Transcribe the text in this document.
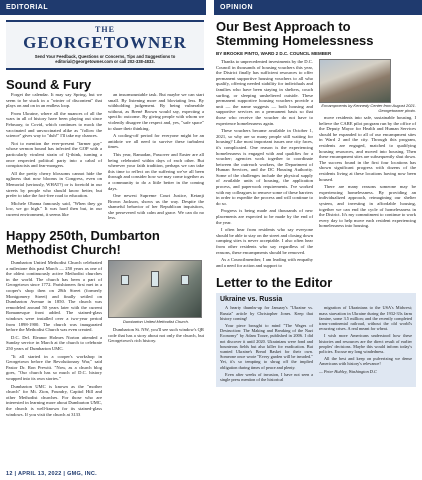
EDITORIAL	OPINION
THE
GEORGETOWNER
Send Your Feedback, Questions or Concerns, Tips and Suggestions to editorial@georgetowner.com or call 202-338-4833.
Sound & Fury

Forget the calendar. It may say Spring, but we seem to be stuck in a "winter of discontent" that plays on and on in an endless loop.

From Ukraine, where all the nuances of all the wars in all of history have been playing out since February, to Covid, which continues to mock the vaccinated and unvaccinated alike as "follow the science" gives way to "duh!" I'll take my chances.

Not to mention the ever-present "farmer guy" whose sermon bound has infected the GOP with a particularly virulent strain of Q-think, turning a once respected political party into a cabal of conspiracists and fear-mongers.

All the pretty cherry blossoms cannot hide the ugliness that now blooms in Congress, even on Memorial (seriously, WHAT?) or is foretold in our streets by people who should know better, but prefer to take the fact-free road to education.

Michele Obama famously said, "When they go low, we go high." It was hard then but, in our current environment, it seems like

an insurmountable task. But maybe we can start small. By listening more and bloviating less. By withholding judgement. By being vulnerable without, as Brené Brown would say, expecting a specific outcome. By giving people with whom we violently disagree the respect and, yes, "safe space" to share their thinking.

A cooling-off period for everyone might be an antidote we all need to survive these turbulent times.

This year, Ramadan, Passover and Easter are all being celebrated within days of each other. But wherever your faith tradition, perhaps we can take this time to reflect on the suffering we've all been through and consider how we may come together as a community to do a little better in the coming days.

One newest Supreme Court Justice, Ketanji Brown Jackson, shows us the way. Despite the shameful behavior of her Republican inquisitors, she persevered with calm and grace. We can do no less.

Happy 250th, Dumbarton Methodist Church!

Dumbarton United Methodist Church celebrated a milestone this past March — 250 years as one of the oldest continuously active Methodist churches in the world. The church has been a part of Georgetown since 1772. Parishioners first met in a cooper's shop then on 28th Street (formerly Montgomery Street) and finally settled on Dumbarton Avenue in 1850. The church was remodeled around 50 years later with the current Romanesque front added. The stained-glass windows were installed over a two-year period from 1898-1900. The church was inaugurated before the Methodist Church was even created.

D.C. Del. Eleanor Holmes Norton attended a Sunday service in March at the church to celebrate 250 years of Dumbarton UMC.

"It all started in a cooper's workshop in Georgetown before the Revolutionary War," said Pastor Dr. Ron Prewitt. "Now, as a church blog goes, "Our church has so much of D.C. history wrapped into its own stories."

Dumbarton UMC is known as the "mother church" for Mt. Zion, Foundry, Capitol Hill and other Methodist churches. For those who are interested in learning more about Dumbarton UMC, the church is well-known for its stained-glass windows. If you visit the church at 3133

Dumbarton United Methodist Church.

Dumbarton St. NW, you'll see such window's QR code that has a story about not only the church, but Georgetown's rich history.

Our Best Approach to Stemming Homelessness
BY BROOKE PINTO, WARD 2 D.C. COUNCIL MEMBER

Thanks to unprecedented investments by the D.C. Council in thousands of housing vouchers this year, the District finally has sufficient resources to offer permanent supportive housing vouchers to all who qualify, offering needed stability for individuals and families who have been staying in shelters, couch surfing, or sleeping unsheltered outside. These permanent supportive housing vouchers provide a unit — the name suggests — both housing and supportive services on a permanent basis so that those who receive the voucher do not have to experience homelessness again.

These vouchers became available in October 1, 2021, so why are so many people still waiting for housing? Like most important issues one city faces, it's complicated. One reason is the experiencing homelessness is engaged with and qualifies for a voucher; agencies work together to coordinate between the outreach workers, the Department of Human Services, and the DC Housing Authority. Some of the challenges include the physical supply of available units of housing, the application process, and paperwork requirements. I've worked with my colleagues to remove some of these barriers in order to expedite the process and will continue to do so.

Progress is being made and thousands of new placements are expected to be made by the end of the year.

I often hear from residents who say everyone should be able to stay on the street and closing down camping sites is never acceptable. I also often hear from other residents who say regardless of the reasons, these encampments should be removed.

As a Councilmember, I am leading with empathy and a need for action and support to

Encampments by Kennedy Center from August 2021. Georgetowner photo.

move residents into safe, sustainable housing. I believe the CARE pilot program run by the office of the Deputy Mayor for Health and Human Services should be expanded to all of our encampment sites in Ward 2 and the city. Through this program, residents are engaged, matched to qualifying housing resources, and moved into housing. Then these encampment sites are subsequently shut down. The success found in the first four locations has shown significant progress with dozens of the residents living at these locations having now been housed.

There are many reasons someone may be experiencing homelessness. By providing an individualized approach, reimagining our shelter system, and investing in affordable housing, together we can end the cycle of homelessness in the District. It's my commitment to continue to work every day to help move each resident experiencing homelessness into housing.

Letter to the Editor
Ukraine vs. Russia

A hearty thumbs-up for January's "Ukraine vs. Russia" article by Christopher Jones. Keep that history coming!

Your piece brought to mind "The Wages of Destruction: The Making and Breaking of the Nazi Economy" by Adam Tooze, published in 2006. I did not discover it until 2020. Ukrainians were fond and bounteous fields but also killer for eradication. But wanted Ukraine's Bread Basket for their own. Someone once wrote "Every garden will be invaded." Yet, it's so tempting to shrug off the implied obligation during times of peace and plenty.

Even after weeks of invasion, I have not seen a single press mention of the historical

migration of Ukrainians to the USA's Midwest; mass starvation in Ukraine during the 1932-33s farm famine, some 3.5 million; and the recently completed trans-continental railroad, without the old world's recurring crises. A real meant for wheat.

I wish more Americans understood how these histories and resources are the direct result of earlier peoples' decisions. Maybe this would inform today's policies. Excuse my long windedness.

All the best and keep on pulverizing we dense Americans with history's relevance!

— Peter Hubley, Washington D.C
12 | APRIL 13, 2022 | GMG, INC.
